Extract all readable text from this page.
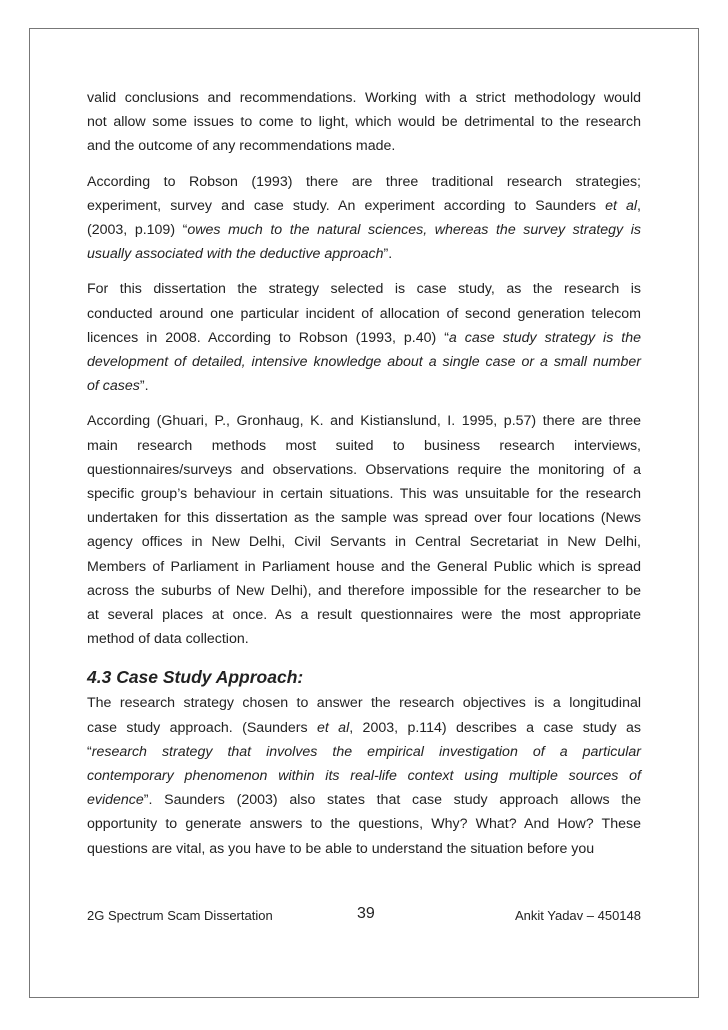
valid conclusions and recommendations. Working with a strict methodology would
not allow some issues to come to light, which would be detrimental to the research
and the outcome of any recommendations made.
According to Robson (1993) there are three traditional research strategies;
experiment, survey and case study. An experiment according to Saunders et al,
(2003, p.109) “owes much to the natural sciences, whereas the survey strategy is
usually associated with the deductive approach”.
For this dissertation the strategy selected is case study, as the research is
conducted around one particular incident of allocation of second generation telecom
licences in 2008. According to Robson (1993, p.40) “a case study strategy is the
development of detailed, intensive knowledge about a single case or a small number
of cases”.
According (Ghuari, P., Gronhaug, K. and Kistianslund, I. 1995, p.57) there are three
main research methods most suited to business research interviews,
questionnaires/surveys and observations. Observations require the monitoring of a
specific group’s behaviour in certain situations. This was unsuitable for the research
undertaken for this dissertation as the sample was spread over four locations (News
agency offices in New Delhi, Civil Servants in Central Secretariat in New Delhi,
Members of Parliament in Parliament house and the General Public which is spread
across the suburbs of New Delhi), and therefore impossible for the researcher to be
at several places at once. As a result questionnaires were the most appropriate
method of data collection.
4.3 Case Study Approach:
The research strategy chosen to answer the research objectives is a longitudinal
case study approach. (Saunders et al, 2003, p.114) describes a case study as
“research strategy that involves the empirical investigation of a particular
contemporary phenomenon within its real-life context using multiple sources of
evidence”. Saunders (2003) also states that case study approach allows the
opportunity to generate answers to the questions, Why? What? And How? These
questions are vital, as you have to be able to understand the situation before you
2G Spectrum Scam Dissertation	39	Ankit Yadav – 450148
